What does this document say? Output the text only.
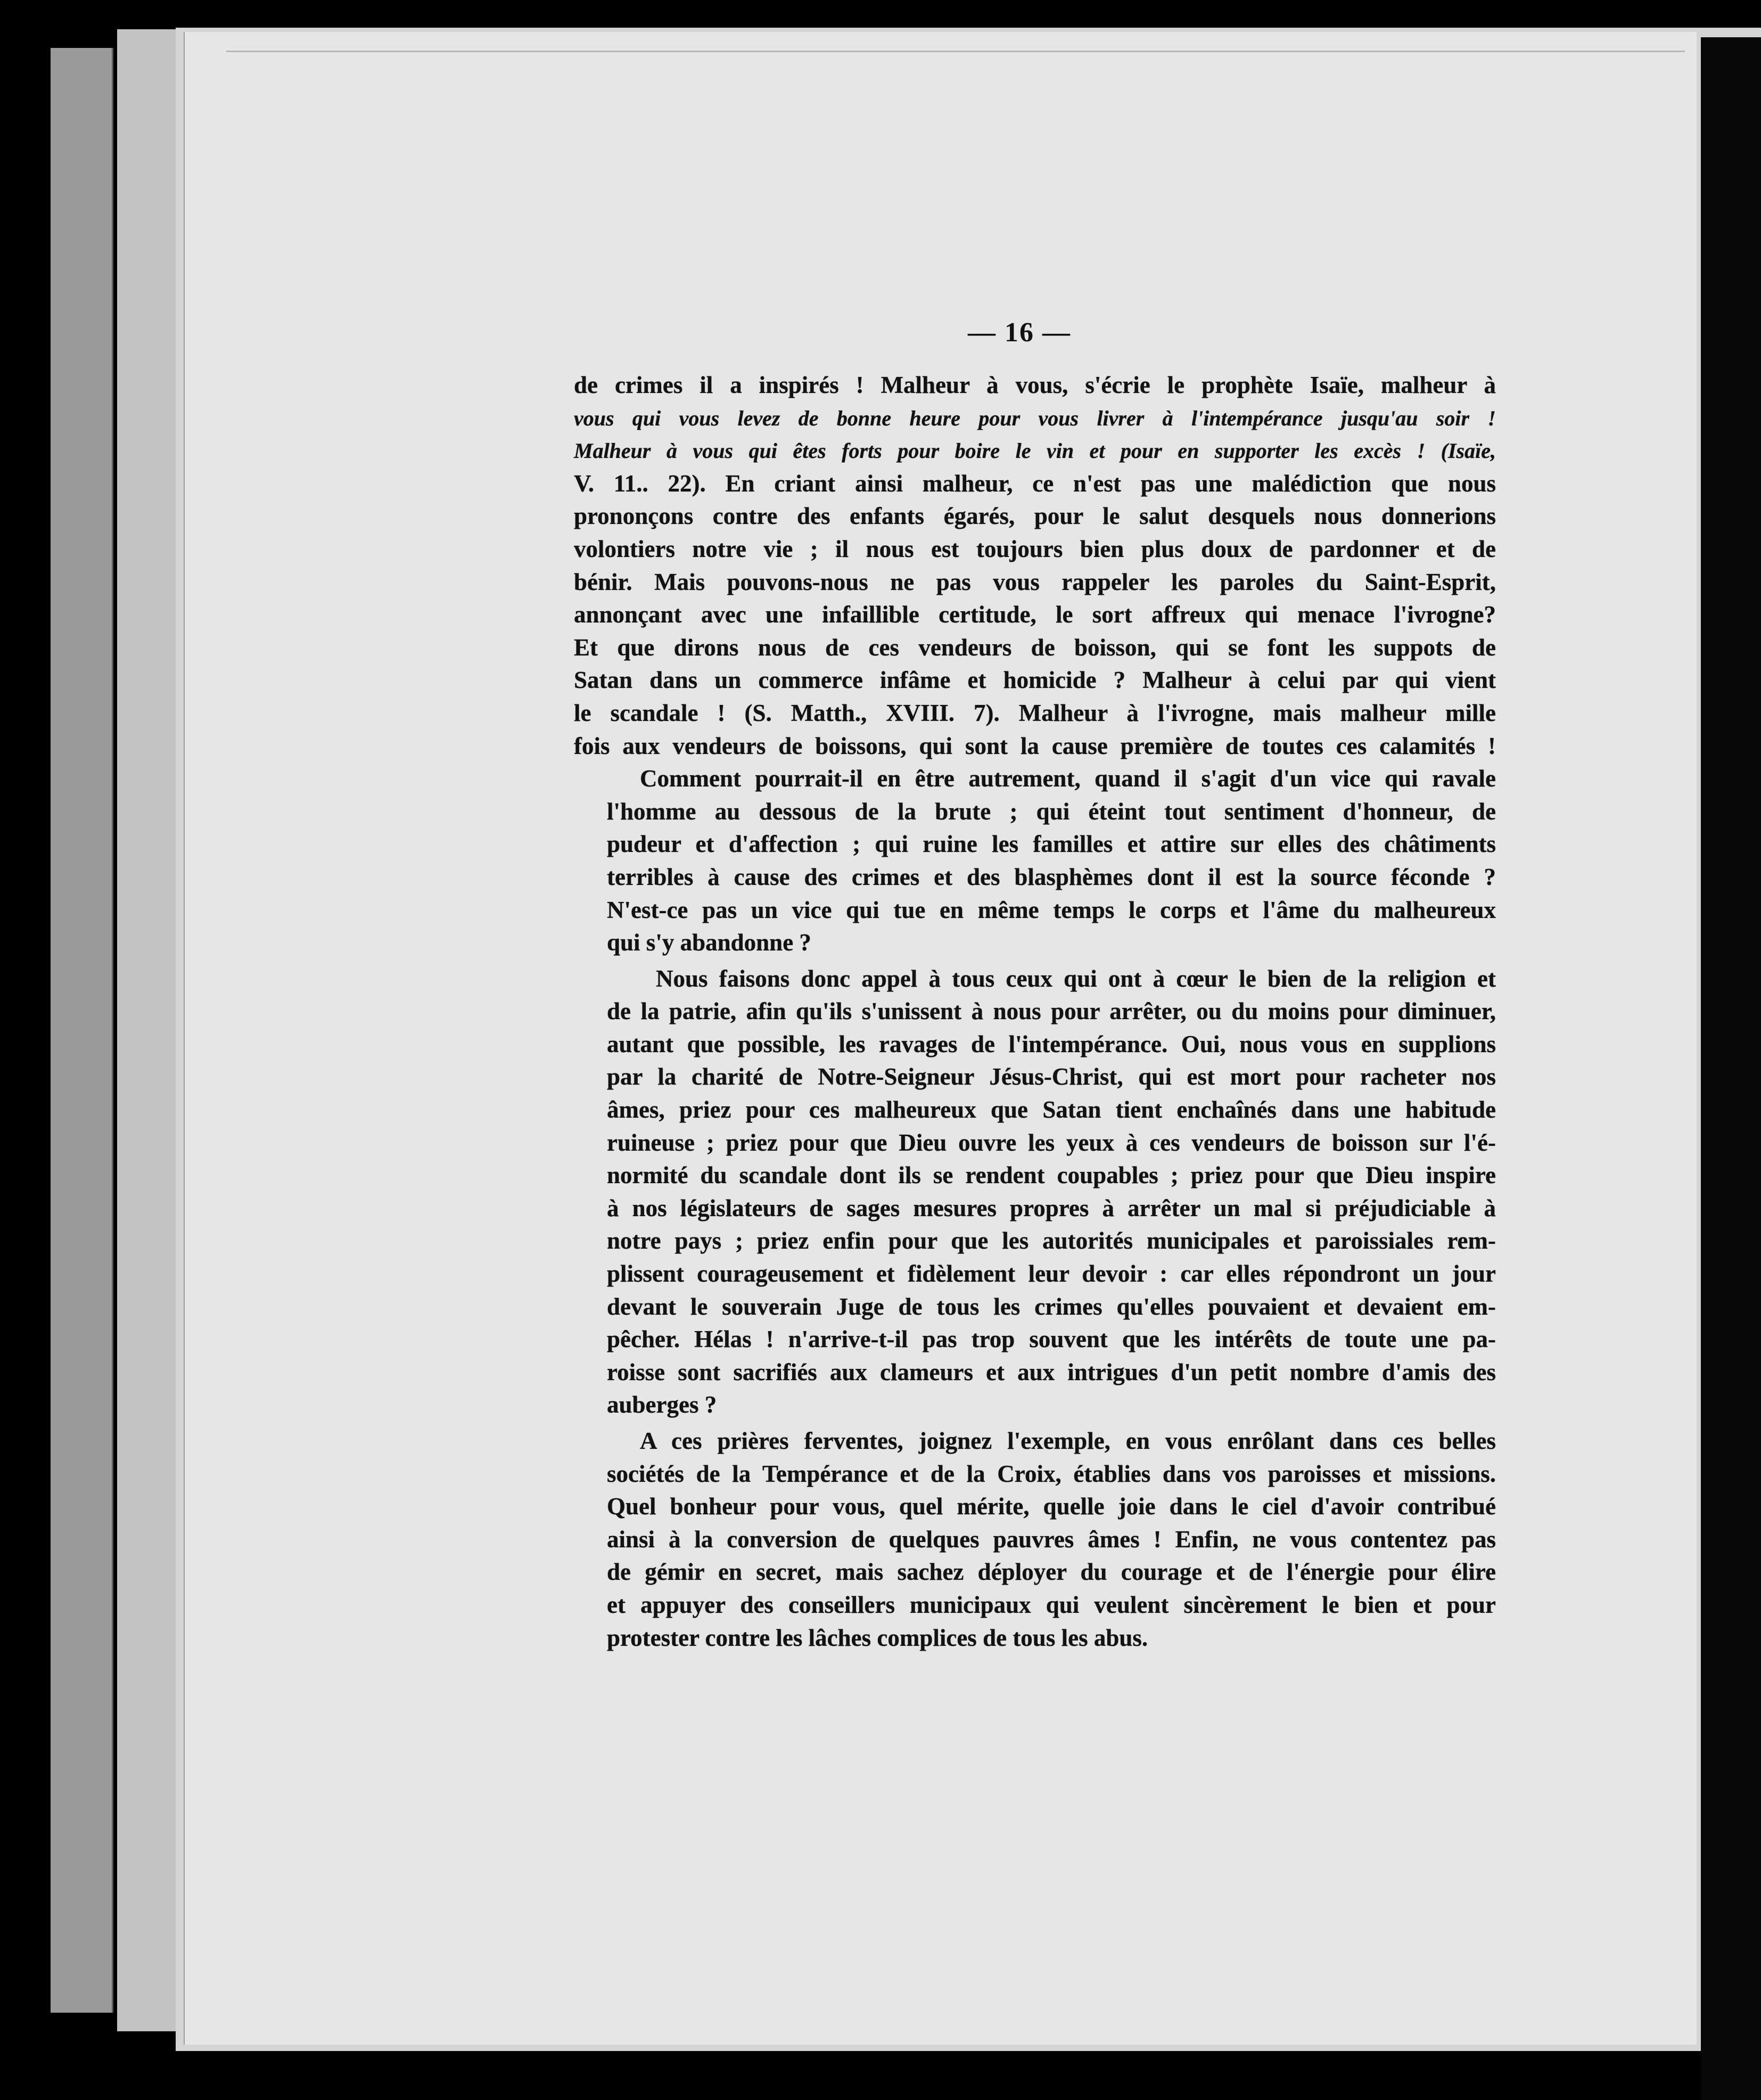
— 16 —

de crimes il a inspirés ! Malheur à vous, s'écrie le prophète Isaïe, malheur à
vous qui vous levez de bonne heure pour vous livrer à l'intempérance jusqu'au soir !
Malheur à vous qui êtes forts pour boire le vin et pour en supporter les excès ! (Isaïe,
V. 11.. 22). En criant ainsi malheur, ce n'est pas une malédiction que nous
prononçons contre des enfants égarés, pour le salut desquels nous donnerions
volontiers notre vie ; il nous est toujours bien plus doux de pardonner et de
bénir. Mais pouvons-nous ne pas vous rappeler les paroles du Saint-Esprit,
annonçant avec une infaillible certitude, le sort affreux qui menace l'ivrogne?
Et que dirons nous de ces vendeurs de boisson, qui se font les suppots de
Satan dans un commerce infâme et homicide ? Malheur à celui par qui vient
le scandale ! (S. Matth., XVIII. 7). Malheur à l'ivrogne, mais malheur mille
fois aux vendeurs de boissons, qui sont la cause première de toutes ces calamités !

Comment pourrait-il en être autrement, quand il s'agit d'un vice qui ravale
l'homme au dessous de la brute ; qui éteint tout sentiment d'honneur, de
pudeur et d'affection ; qui ruine les familles et attire sur elles des châtiments
terribles à cause des crimes et des blasphèmes dont il est la source féconde ?
N'est-ce pas un vice qui tue en même temps le corps et l'âme du malheureux
qui s'y abandonne ?

Nous faisons donc appel à tous ceux qui ont à cœur le bien de la religion et
de la patrie, afin qu'ils s'unissent à nous pour arrêter, ou du moins pour diminuer,
autant que possible, les ravages de l'intempérance. Oui, nous vous en supplions
par la charité de Notre-Seigneur Jésus-Christ, qui est mort pour racheter nos
âmes, priez pour ces malheureux que Satan tient enchaînés dans une habitude
ruineuse ; priez pour que Dieu ouvre les yeux à ces vendeurs de boisson sur l'é-
normité du scandale dont ils se rendent coupables ; priez pour que Dieu inspire
à nos législateurs de sages mesures propres à arrêter un mal si préjudiciable à
notre pays ; priez enfin pour que les autorités municipales et paroissiales rem-
plissent courageusement et fidèlement leur devoir : car elles répondront un jour
devant le souverain Juge de tous les crimes qu'elles pouvaient et devaient em-
pêcher. Hélas ! n'arrive-t-il pas trop souvent que les intérêts de toute une pa-
roisse sont sacrifiés aux clameurs et aux intrigues d'un petit nombre d'amis des
auberges ?

A ces prières ferventes, joignez l'exemple, en vous enrôlant dans ces belles
sociétés de la Tempérance et de la Croix, établies dans vos paroisses et missions.
Quel bonheur pour vous, quel mérite, quelle joie dans le ciel d'avoir contribué
ainsi à la conversion de quelques pauvres âmes ! Enfin, ne vous contentez pas
de gémir en secret, mais sachez déployer du courage et de l'énergie pour élire
et appuyer des conseillers municipaux qui veulent sincèrement le bien et pour
protester contre les lâches complices de tous les abus.
